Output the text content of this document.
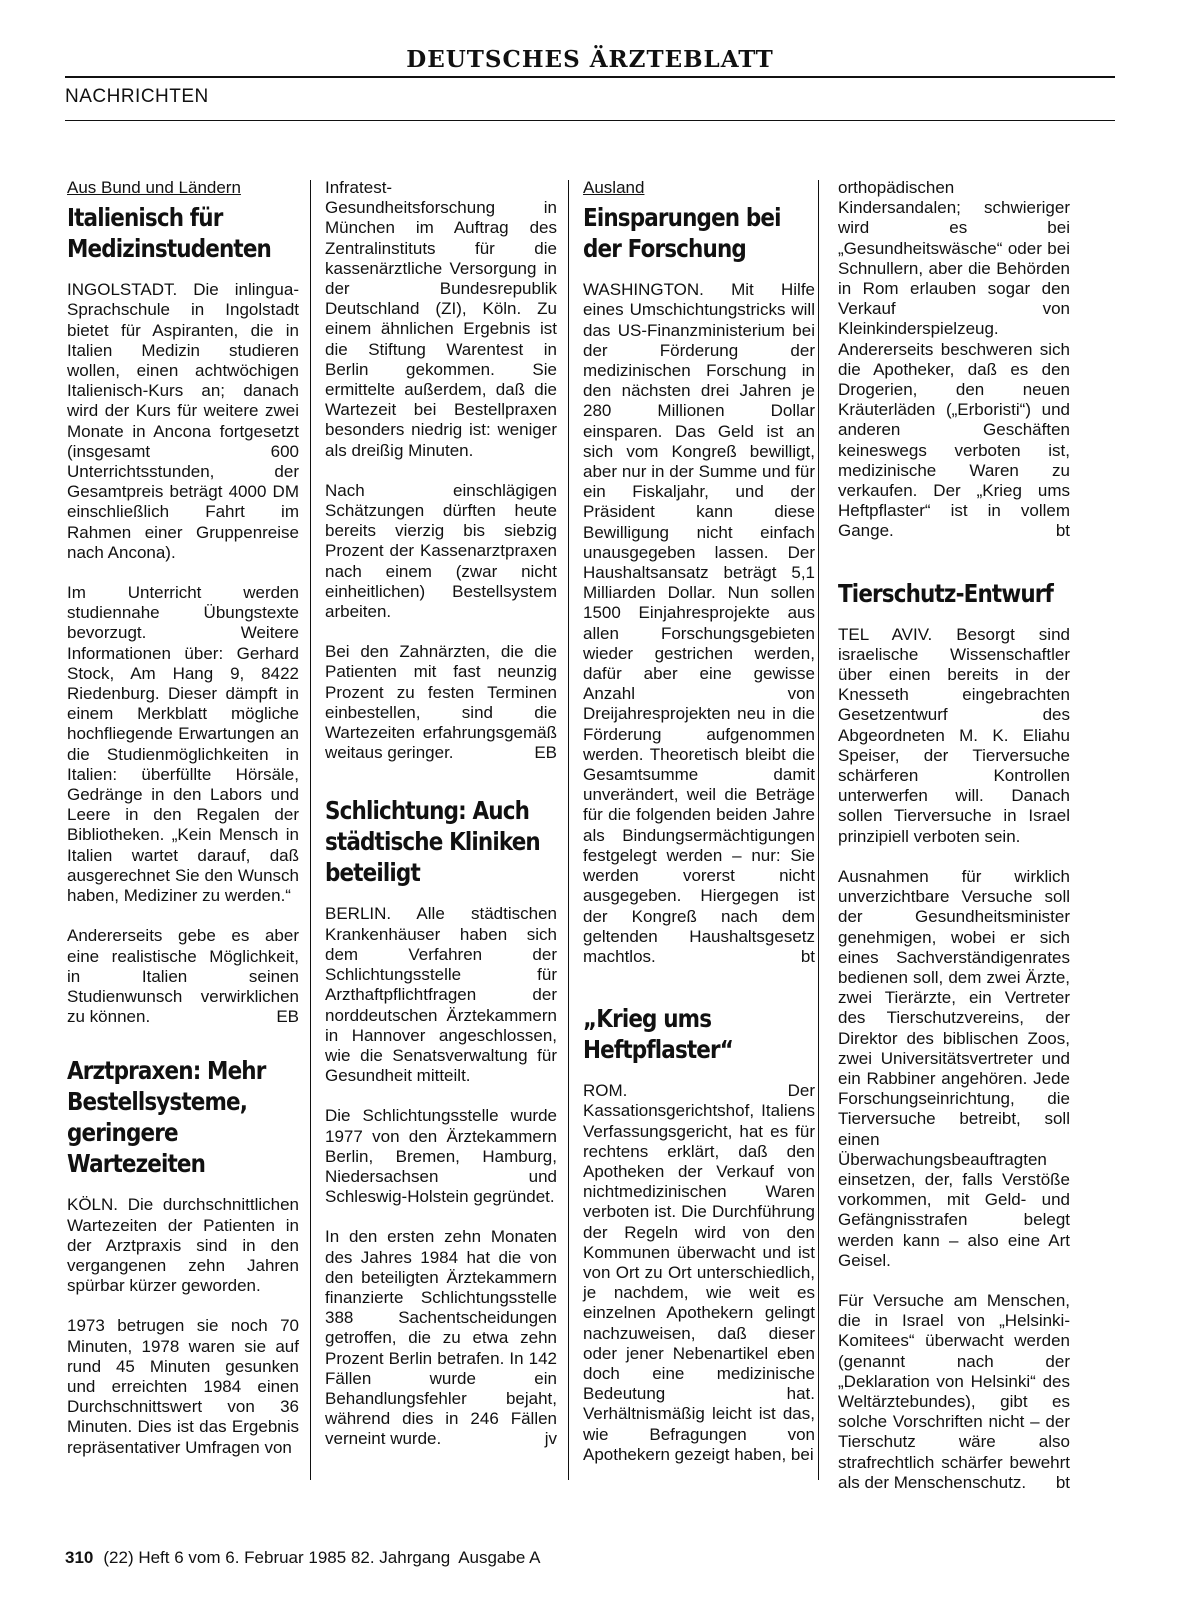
DEUTSCHES ÄRZTEBLATT
NACHRICHTEN
Aus Bund und Ländern
Italienisch für Medizinstudenten

INGOLSTADT. Die inlingua-Sprachschule in Ingolstadt bietet für Aspiranten, die in Italien Medizin studieren wollen, einen achtwöchigen Italienisch-Kurs an; danach wird der Kurs für weitere zwei Monate in Ancona fortgesetzt (insgesamt 600 Unterrichtsstunden, der Gesamtpreis beträgt 4000 DM einschließlich Fahrt im Rahmen einer Gruppenreise nach Ancona).

Im Unterricht werden studiennahe Übungstexte bevorzugt. Weitere Informationen über: Gerhard Stock, Am Hang 9, 8422 Riedenburg. Dieser dämpft in einem Merkblatt mögliche hochfliegende Erwartungen an die Studienmöglichkeiten in Italien: überfüllte Hörsäle, Gedränge in den Labors und Leere in den Regalen der Bibliotheken. „Kein Mensch in Italien wartet darauf, daß ausgerechnet Sie den Wunsch haben, Mediziner zu werden.“

Andererseits gebe es aber eine realistische Möglichkeit, in Italien seinen Studienwunsch verwirklichen zu können.	EB

Arztpraxen: Mehr Bestellsysteme, geringere Wartezeiten

KÖLN. Die durchschnittlichen Wartezeiten der Patienten in der Arztpraxis sind in den vergangenen zehn Jahren spürbar kürzer geworden.

1973 betrugen sie noch 70 Minuten, 1978 waren sie auf rund 45 Minuten gesunken und erreichten 1984 einen Durchschnittswert von 36 Minuten. Dies ist das Ergebnis repräsentativer Umfragen von

Infratest-Gesundheitsforschung in München im Auftrag des Zentralinstituts für die kassenärztliche Versorgung in der Bundesrepublik Deutschland (ZI), Köln. Zu einem ähnlichen Ergebnis ist die Stiftung Warentest in Berlin gekommen. Sie ermittelte außerdem, daß die Wartezeit bei Bestellpraxen besonders niedrig ist: weniger als dreißig Minuten.

Nach einschlägigen Schätzungen dürften heute bereits vierzig bis siebzig Prozent der Kassenarztpraxen nach einem (zwar nicht einheitlichen) Bestellsystem arbeiten.

Bei den Zahnärzten, die die Patienten mit fast neunzig Prozent zu festen Terminen einbestellen, sind die Wartezeiten erfahrungsgemäß weitaus geringer.	EB

Schlichtung: Auch städtische Kliniken beteiligt

BERLIN. Alle städtischen Krankenhäuser haben sich dem Verfahren der Schlichtungsstelle für Arzthaftpflichtfragen der norddeutschen Ärztekammern in Hannover angeschlossen, wie die Senatsverwaltung für Gesundheit mitteilt.

Die Schlichtungsstelle wurde 1977 von den Ärztekammern Berlin, Bremen, Hamburg, Niedersachsen und Schleswig-Holstein gegründet.

In den ersten zehn Monaten des Jahres 1984 hat die von den beteiligten Ärztekammern finanzierte Schlichtungsstelle 388 Sachentscheidungen getroffen, die zu etwa zehn Prozent Berlin betrafen. In 142 Fällen wurde ein Behandlungsfehler bejaht, während dies in 246 Fällen verneint wurde.	jv

Ausland
Einsparungen bei der Forschung

WASHINGTON. Mit Hilfe eines Umschichtungstricks will das US-Finanzministerium bei der Förderung der medizinischen Forschung in den nächsten drei Jahren je 280 Millionen Dollar einsparen. Das Geld ist an sich vom Kongreß bewilligt, aber nur in der Summe und für ein Fiskaljahr, und der Präsident kann diese Bewilligung nicht einfach unausgegeben lassen. Der Haushaltsansatz beträgt 5,1 Milliarden Dollar. Nun sollen 1500 Einjahresprojekte aus allen Forschungsgebieten wieder gestrichen werden, dafür aber eine gewisse Anzahl von Dreijahresprojekten neu in die Förderung aufgenommen werden. Theoretisch bleibt die Gesamtsumme damit unverändert, weil die Beträge für die folgenden beiden Jahre als Bindungsermächtigungen festgelegt werden – nur: Sie werden vorerst nicht ausgegeben. Hiergegen ist der Kongreß nach dem geltenden Haushaltsgesetz machtlos.	bt

„Krieg ums Heftpflaster“

ROM. Der Kassationsgerichtshof, Italiens Verfassungsgericht, hat es für rechtens erklärt, daß den Apotheken der Verkauf von nichtmedizinischen Waren verboten ist. Die Durchführung der Regeln wird von den Kommunen überwacht und ist von Ort zu Ort unterschiedlich, je nachdem, wie weit es einzelnen Apothekern gelingt nachzuweisen, daß dieser oder jener Nebenartikel eben doch eine medizinische Bedeutung hat. Verhältnismäßig leicht ist das, wie Befragungen von Apothekern gezeigt haben, bei

orthopädischen Kindersandalen; schwieriger wird es bei „Gesundheitswäsche“ oder bei Schnullern, aber die Behörden in Rom erlauben sogar den Verkauf von Kleinkinderspielzeug. Andererseits beschweren sich die Apotheker, daß es den Drogerien, den neuen Kräuterläden („Erboristi“) und anderen Geschäften keineswegs verboten ist, medizinische Waren zu verkaufen. Der „Krieg ums Heftpflaster“ ist in vollem Gange.	bt

Tierschutz-Entwurf

TEL AVIV. Besorgt sind israelische Wissenschaftler über einen bereits in der Knesseth eingebrachten Gesetzentwurf des Abgeordneten M. K. Eliahu Speiser, der Tierversuche schärferen Kontrollen unterwerfen will. Danach sollen Tierversuche in Israel prinzipiell verboten sein.

Ausnahmen für wirklich unverzichtbare Versuche soll der Gesundheitsminister genehmigen, wobei er sich eines Sachverständigenrates bedienen soll, dem zwei Ärzte, zwei Tierärzte, ein Vertreter des Tierschutzvereins, der Direktor des biblischen Zoos, zwei Universitätsvertreter und ein Rabbiner angehören. Jede Forschungseinrichtung, die Tierversuche betreibt, soll einen Überwachungsbeauftragten einsetzen, der, falls Verstöße vorkommen, mit Geld- und Gefängnisstrafen belegt werden kann – also eine Art Geisel.

Für Versuche am Menschen, die in Israel von „Helsinki-Komitees“ überwacht werden (genannt nach der „Deklaration von Helsinki“ des Weltärztebundes), gibt es solche Vorschriften nicht – der Tierschutz wäre also strafrechtlich schärfer bewehrt als der Menschenschutz. bt

310 (22) Heft 6 vom 6. Februar 1985 82. Jahrgang Ausgabe A
